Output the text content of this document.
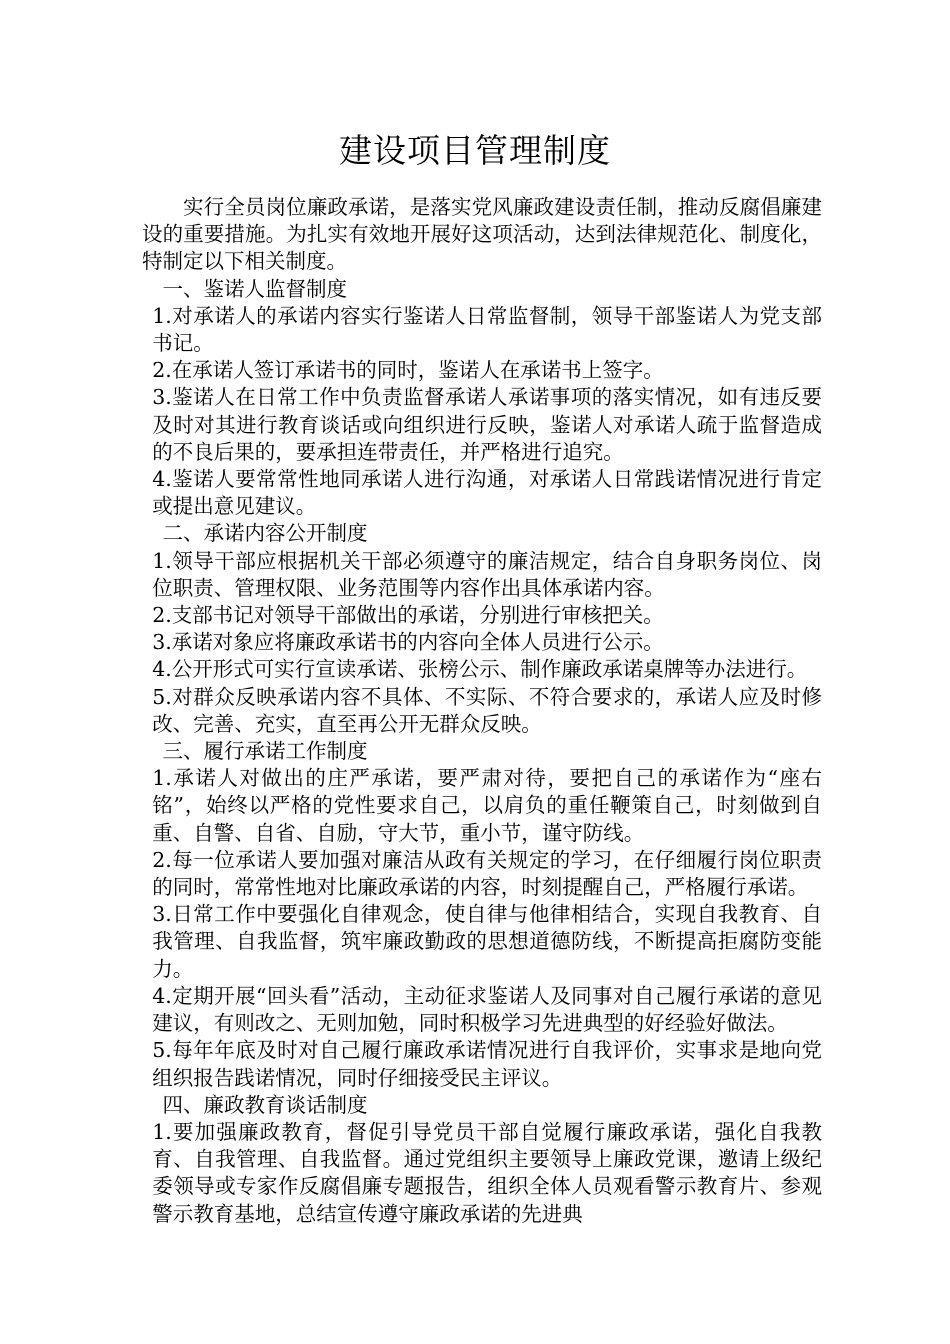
建设项目管理制度

实行全员岗位廉政承诺，是落实党风廉政建设责任制，推动反腐倡廉建设的重要措施。为扎实有效地开展好这项活动，达到法律规范化、制度化，特制定以下相关制度。

一、鉴诺人监督制度

1.对承诺人的承诺内容实行鉴诺人日常监督制，领导干部鉴诺人为党支部书记。

2.在承诺人签订承诺书的同时，鉴诺人在承诺书上签字。

3.鉴诺人在日常工作中负责监督承诺人承诺事项的落实情况，如有违反要及时对其进行教育谈话或向组织进行反映，鉴诺人对承诺人疏于监督造成的不良后果的，要承担连带责任，并严格进行追究。

4.鉴诺人要常常性地同承诺人进行沟通，对承诺人日常践诺情况进行肯定或提出意见建议。

二、承诺内容公开制度

1.领导干部应根据机关干部必须遵守的廉洁规定，结合自身职务岗位、岗位职责、管理权限、业务范围等内容作出具体承诺内容。

2.支部书记对领导干部做出的承诺，分别进行审核把关。

3.承诺对象应将廉政承诺书的内容向全体人员进行公示。

4.公开形式可实行宣读承诺、张榜公示、制作廉政承诺桌牌等办法进行。

5.对群众反映承诺内容不具体、不实际、不符合要求的，承诺人应及时修改、完善、充实，直至再公开无群众反映。

三、履行承诺工作制度

1.承诺人对做出的庄严承诺，要严肃对待，要把自己的承诺作为“座右铭”，始终以严格的党性要求自己，以肩负的重任鞭策自己，时刻做到自重、自警、自省、自励，守大节，重小节，谨守防线。

2.每一位承诺人要加强对廉洁从政有关规定的学习，在仔细履行岗位职责的同时，常常性地对比廉政承诺的内容，时刻提醒自己，严格履行承诺。

3.日常工作中要强化自律观念，使自律与他律相结合，实现自我教育、自我管理、自我监督，筑牢廉政勤政的思想道德防线，不断提高拒腐防变能力。

4.定期开展“回头看”活动，主动征求鉴诺人及同事对自己履行承诺的意见建议，有则改之、无则加勉，同时积极学习先进典型的好经验好做法。

5.每年年底及时对自己履行廉政承诺情况进行自我评价，实事求是地向党组织报告践诺情况，同时仔细接受民主评议。

四、廉政教育谈话制度

1.要加强廉政教育，督促引导党员干部自觉履行廉政承诺，强化自我教育、自我管理、自我监督。通过党组织主要领导上廉政党课，邀请上级纪委领导或专家作反腐倡廉专题报告，组织全体人员观看警示教育片、参观警示教育基地，总结宣传遵守廉政承诺的先进典
